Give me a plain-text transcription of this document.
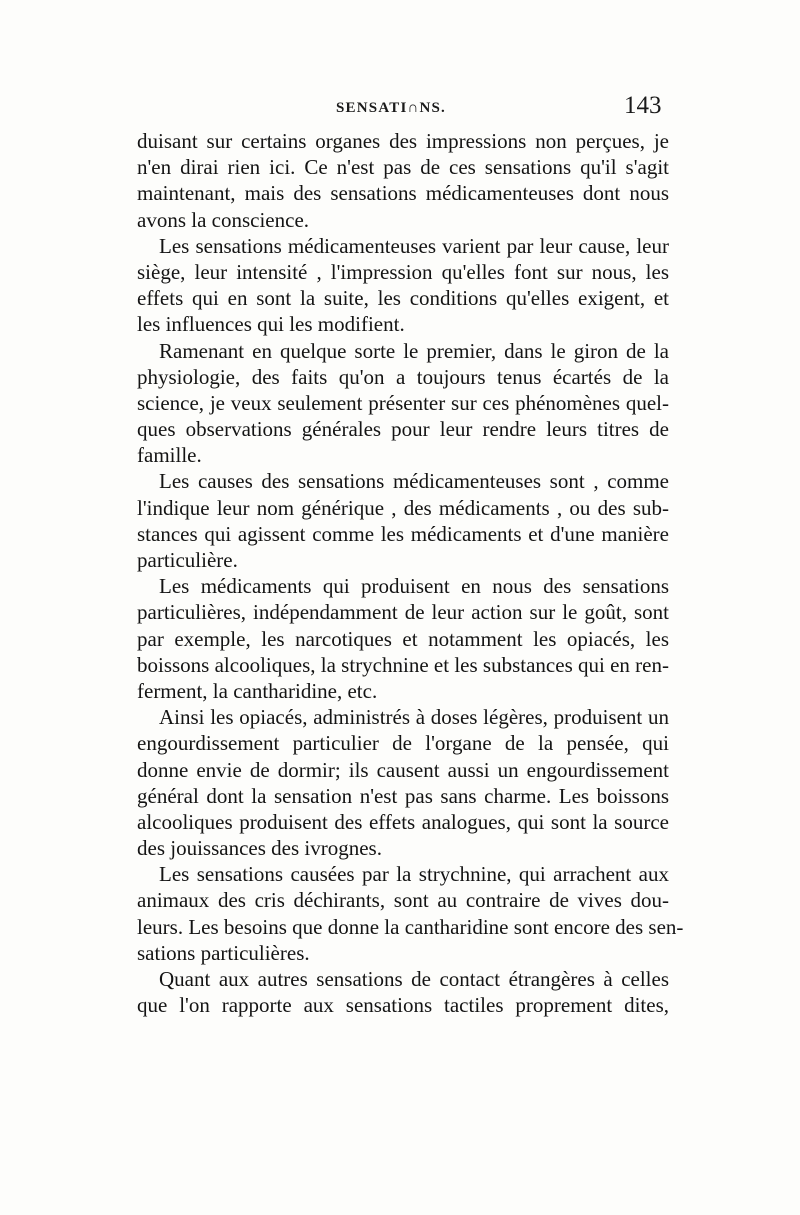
SENSATI∩NS.	143
duisant sur certains organes des impressions non perçues, je
n'en dirai rien ici. Ce n'est pas de ces sensations qu'il s'agit
maintenant, mais des sensations médicamenteuses dont nous
avons la conscience.
Les sensations médicamenteuses varient par leur cause, leur
siège, leur intensité , l'impression qu'elles font sur nous, les
effets qui en sont la suite, les conditions qu'elles exigent, et
les influences qui les modifient.
Ramenant en quelque sorte le premier, dans le giron de la
physiologie, des faits qu'on a toujours tenus écartés de la
science, je veux seulement présenter sur ces phénomènes quel-
ques observations générales pour leur rendre leurs titres de
famille.
Les causes des sensations médicamenteuses sont , comme
l'indique leur nom générique , des médicaments , ou des sub-
stances qui agissent comme les médicaments et d'une manière
particulière.
Les médicaments qui produisent en nous des sensations
particulières, indépendamment de leur action sur le goût, sont
par exemple, les narcotiques et notamment les opiacés, les
boissons alcooliques, la strychnine et les substances qui en ren-
ferment, la cantharidine, etc.
Ainsi les opiacés, administrés à doses légères, produisent un
engourdissement particulier de l'organe de la pensée, qui
donne envie de dormir; ils causent aussi un engourdissement
général dont la sensation n'est pas sans charme. Les boissons
alcooliques produisent des effets analogues, qui sont la source
des jouissances des ivrognes.
Les sensations causées par la strychnine, qui arrachent aux
animaux des cris déchirants, sont au contraire de vives dou-
leurs. Les besoins que donne la cantharidine sont encore des sen-
sations particulières.
Quant aux autres sensations de contact étrangères à celles
que l'on rapporte aux sensations tactiles proprement dites,
